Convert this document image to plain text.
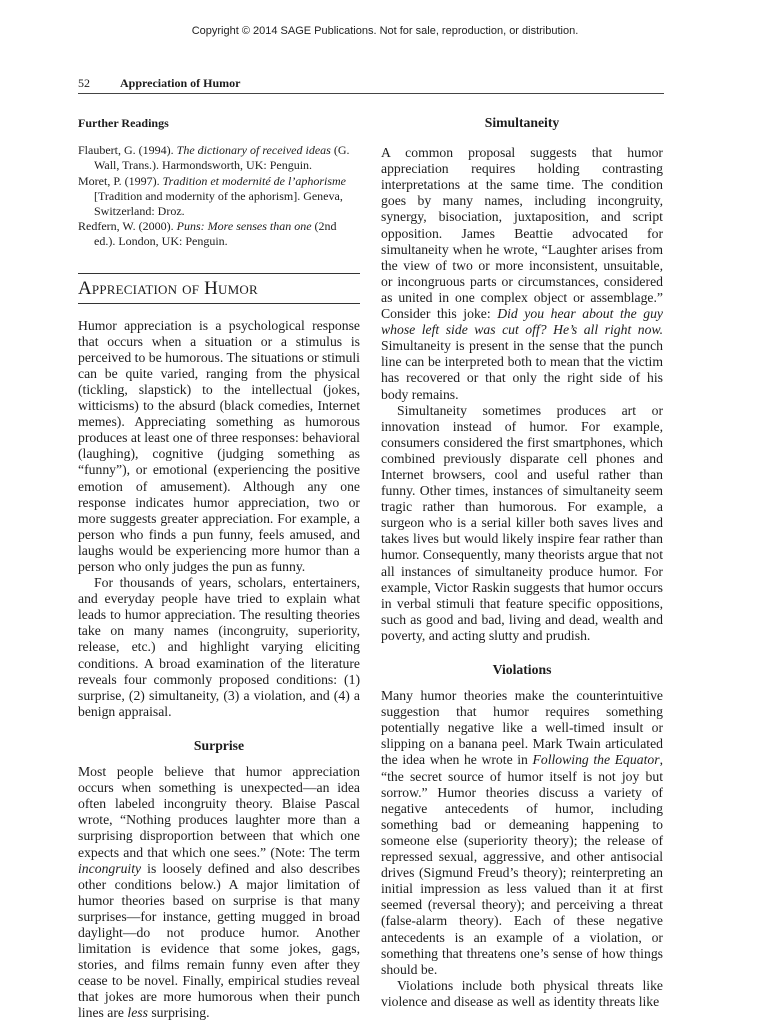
Copyright © 2014 SAGE Publications. Not for sale, reproduction, or distribution.
52	Appreciation of Humor
Further Readings

Flaubert, G. (1994). The dictionary of received ideas (G. Wall, Trans.). Harmondsworth, UK: Penguin.

Moret, P. (1997). Tradition et modernité de l’aphorisme [Tradition and modernity of the aphorism]. Geneva, Switzerland: Droz.

Redfern, W. (2000). Puns: More senses than one (2nd ed.). London, UK: Penguin.

Appreciation of Humor

Humor appreciation is a psychological response that occurs when a situation or a stimulus is perceived to be humorous. The situations or stimuli can be quite varied, ranging from the physical (tickling, slapstick) to the intellectual (jokes, witticisms) to the absurd (black comedies, Internet memes). Appreciating something as humorous produces at least one of three responses: behavioral (laughing), cognitive (judging something as “funny”), or emotional (experiencing the positive emotion of amusement). Although any one response indicates humor appreciation, two or more suggests greater appreciation. For example, a person who finds a pun funny, feels amused, and laughs would be experiencing more humor than a person who only judges the pun as funny.

For thousands of years, scholars, entertainers, and everyday people have tried to explain what leads to humor appreciation. The resulting theories take on many names (incongruity, superiority, release, etc.) and highlight varying eliciting conditions. A broad examination of the literature reveals four commonly proposed conditions: (1) surprise, (2) simultaneity, (3) a violation, and (4) a benign appraisal.

Surprise

Most people believe that humor appreciation occurs when something is unexpected—an idea often labeled incongruity theory. Blaise Pascal wrote, “Nothing produces laughter more than a surprising disproportion between that which one expects and that which one sees.” (Note: The term incongruity is loosely defined and also describes other conditions below.) A major limitation of humor theories based on surprise is that many surprises—for instance, getting mugged in broad daylight—do not produce humor. Another limitation is evidence that some jokes, gags, stories, and films remain funny even after they cease to be novel. Finally, empirical studies reveal that jokes are more humorous when their punch lines are less surprising.

Simultaneity

A common proposal suggests that humor appreciation requires holding contrasting interpretations at the same time. The condition goes by many names, including incongruity, synergy, bisociation, juxtaposition, and script opposition. James Beattie advocated for simultaneity when he wrote, “Laughter arises from the view of two or more inconsistent, unsuitable, or incongruous parts or circumstances, considered as united in one complex object or assemblage.” Consider this joke: Did you hear about the guy whose left side was cut off? He’s all right now. Simultaneity is present in the sense that the punch line can be interpreted both to mean that the victim has recovered or that only the right side of his body remains.

Simultaneity sometimes produces art or innovation instead of humor. For example, consumers considered the first smartphones, which combined previously disparate cell phones and Internet browsers, cool and useful rather than funny. Other times, instances of simultaneity seem tragic rather than humorous. For example, a surgeon who is a serial killer both saves lives and takes lives but would likely inspire fear rather than humor. Consequently, many theorists argue that not all instances of simultaneity produce humor. For example, Victor Raskin suggests that humor occurs in verbal stimuli that feature specific oppositions, such as good and bad, living and dead, wealth and poverty, and acting slutty and prudish.

Violations

Many humor theories make the counterintuitive suggestion that humor requires something potentially negative like a well-timed insult or slipping on a banana peel. Mark Twain articulated the idea when he wrote in Following the Equator, “the secret source of humor itself is not joy but sorrow.” Humor theories discuss a variety of negative antecedents of humor, including something bad or demeaning happening to someone else (superiority theory); the release of repressed sexual, aggressive, and other antisocial drives (Sigmund Freud’s theory); reinterpreting an initial impression as less valued than it at first seemed (reversal theory); and perceiving a threat (false-alarm theory). Each of these negative antecedents is an example of a violation, or something that threatens one’s sense of how things should be.

Violations include both physical threats like violence and disease as well as identity threats like
